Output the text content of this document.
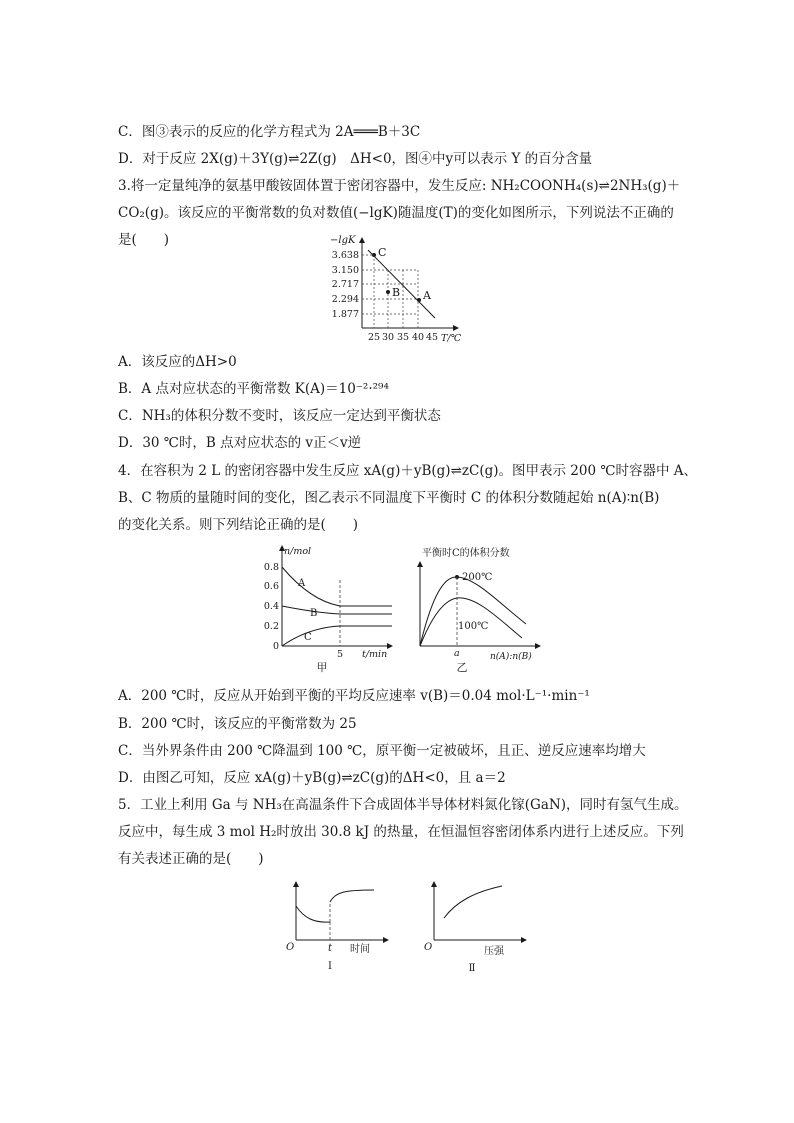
C．图③表示的反应的化学方程式为 2A═══B＋3C
D．对于反应 2X(g)＋3Y(g)⇌2Z(g)　ΔH<0，图④中y可以表示 Y 的百分含量
3.将一定量纯净的氨基甲酸铵固体置于密闭容器中，发生反应: NH₂COONH₄(s)⇌2NH₃(g)＋
CO₂(g)。该反应的平衡常数的负对数值(−lgK)随温度(T)的变化如图所示，下列说法不正确的
是(　　)	−lgK
C
B A
3.638
3.150
2.717
2.294
1.877
25 30 35 40 45 T/℃
A．该反应的ΔH>0
B．A 点对应状态的平衡常数 K(A)＝10⁻²·²⁹⁴
C．NH₃的体积分数不变时，该反应一定达到平衡状态
D．30 ℃时，B 点对应状态的 v正＜v逆
4．在容积为 2 L 的密闭容器中发生反应 xA(g)＋yB(g)⇌zC(g)。图甲表示 200 ℃时容器中 A、
B、C 物质的量随时间的变化，图乙表示不同温度下平衡时 C 的体积分数随起始 n(A)∶n(B)
的变化关系。则下列结论正确的是(　　)
n/mol
0.8
0.6
0.4
0.2
0
A
B
C
5 t/min
甲
平衡时C的体积分数
200℃
100℃
a	n(A):n(B)
乙
A．200 ℃时，反应从开始到平衡的平均反应速率 v(B)＝0.04 mol·L⁻¹·min⁻¹
B．200 ℃时，该反应的平衡常数为 25
C．当外界条件由 200 ℃降温到 100 ℃，原平衡一定被破坏，且正、逆反应速率均增大
D．由图乙可知，反应 xA(g)＋yB(g)⇌zC(g)的ΔH<0，且 a＝2
5．工业上利用 Ga 与 NH₃在高温条件下合成固体半导体材料氮化镓(GaN)，同时有氢气生成。
反应中，每生成 3 mol H₂时放出 30.8 kJ 的热量，在恒温恒容密闭体系内进行上述反应。下列
有关表述正确的是(　　)
O	t 时间
Ⅰ
O	压强
Ⅱ
